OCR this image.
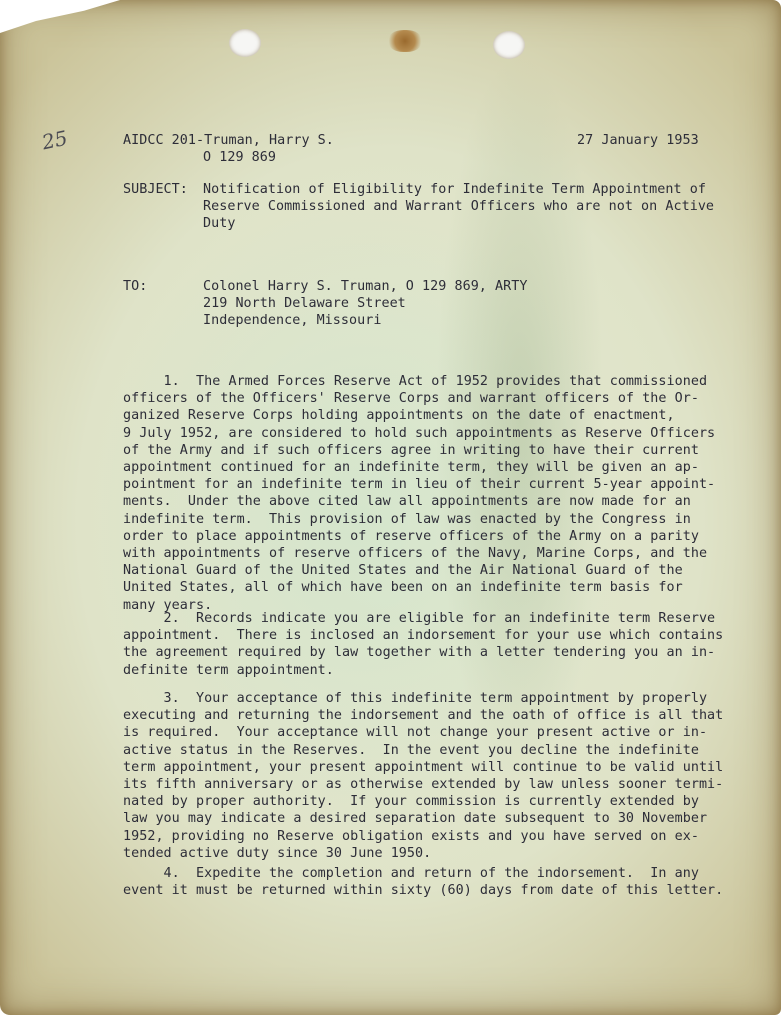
25	AIDCC 201-Truman, Harry S.
O 129 869
27 January 1953
SUBJECT: Notification of Eligibility for Indefinite Term Appointment of
Reserve Commissioned and Warrant Officers who are not on Active
Duty
TO:	Colonel Harry S. Truman, O 129 869, ARTY
219 North Delaware Street
Independence, Missouri
1.  The Armed Forces Reserve Act of 1952 provides that commissioned
officers of the Officers' Reserve Corps and warrant officers of the Or-
ganized Reserve Corps holding appointments on the date of enactment,
9 July 1952, are considered to hold such appointments as Reserve Officers
of the Army and if such officers agree in writing to have their current
appointment continued for an indefinite term, they will be given an ap-
pointment for an indefinite term in lieu of their current 5-year appoint-
ments.  Under the above cited law all appointments are now made for an
indefinite term.  This provision of law was enacted by the Congress in
order to place appointments of reserve officers of the Army on a parity
with appointments of reserve officers of the Navy, Marine Corps, and the
National Guard of the United States and the Air National Guard of the
United States, all of which have been on an indefinite term basis for
many years.
2.  Records indicate you are eligible for an indefinite term Reserve
appointment.  There is inclosed an indorsement for your use which contains
the agreement required by law together with a letter tendering you an in-
definite term appointment.
3.  Your acceptance of this indefinite term appointment by properly
executing and returning the indorsement and the oath of office is all that
is required.  Your acceptance will not change your present active or in-
active status in the Reserves.  In the event you decline the indefinite
term appointment, your present appointment will continue to be valid until
its fifth anniversary or as otherwise extended by law unless sooner termi-
nated by proper authority.  If your commission is currently extended by
law you may indicate a desired separation date subsequent to 30 November
1952, providing no Reserve obligation exists and you have served on ex-
tended active duty since 30 June 1950.
4.  Expedite the completion and return of the indorsement.  In any
event it must be returned within sixty (60) days from date of this letter.
